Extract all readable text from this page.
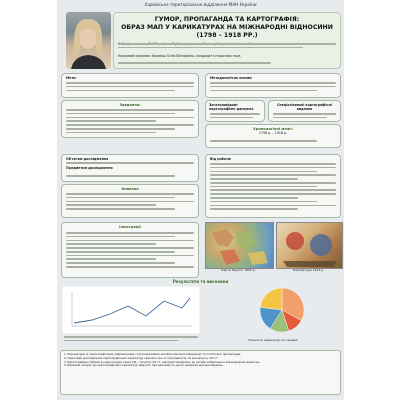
Харківське територіальне відділення МАН України
ГУМОР, ПРОПАГАНДА ТА КАРТОГРАФІЯ:
ОБРАЗ МАП У КАРИКАТУРАХ НА МІЖНАРОДНІ ВІДНОСИНИ (1798 – 1918 РР.)
Науковий керівник: Кравець Юлія Вікторівна, кандидат історичних наук
Мета:
Завдання:
Методологічна основа
Загальновідомі картографічні джерела
Спеціалізовані картографічні видання
Хронологічні межі:
1798 р. – 1918 р.
Об'єктом дослідження
Предметом дослідження
Новизна
Від роботи:
Ілюстрації
Карта Європи 1856 р.	Карикатура 1914 р.
Результати та висновки
Кількість карикатур за темами
1. Карикатури із картографічним зображенням стали важливим засобом масової інформації та політичної пропаганди.
2. Приклади досліджених картографічних карикатур свідчать про їх популярність та значення у ХІХ ст.
3. Картографічні образи в карикатурах кінця ХІХ – початку ХХ ст. використовувались як засоби зображення міжнародних відносин.
4. Великий інтерес до картографічних карикатур свідчить про важливість цього джерела для досліджень.
